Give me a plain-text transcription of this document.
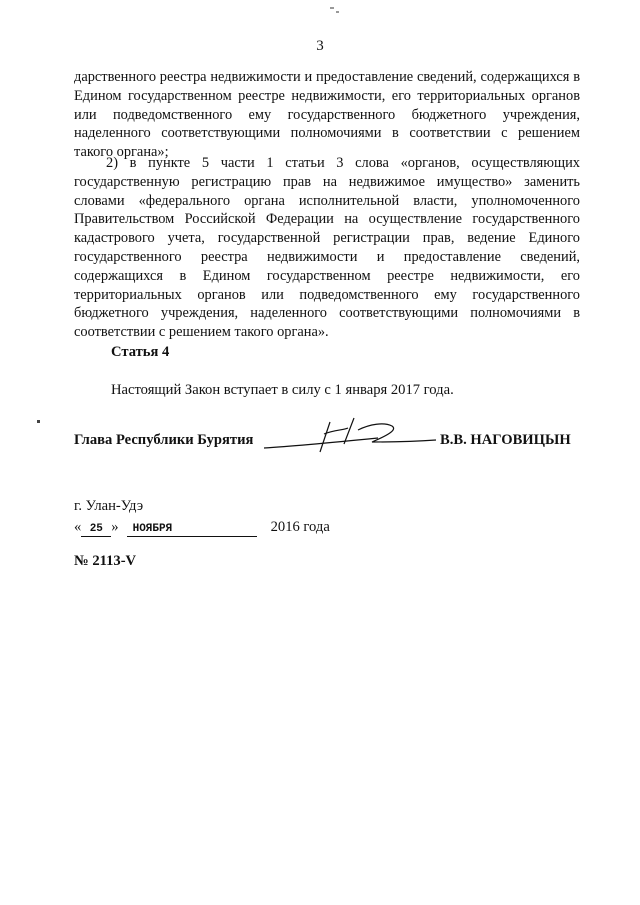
3
дарственного реестра недвижимости и предоставление сведений, содержащихся в Едином государственном реестре недвижимости, его территориальных органов или подведомственного ему государственного бюджетного учреждения, наделенного соответствующими полномочиями в соответствии с решением такого органа»;
2) в пункте 5 части 1 статьи 3 слова «органов, осуществляющих государственную регистрацию прав на недвижимое имущество» заменить словами «федерального органа исполнительной власти, уполномоченного Правительством Российской Федерации на осуществление государственного кадастрового учета, государственной регистрации прав, ведение Единого государственного реестра недвижимости и предоставление сведений, содержащихся в Едином государственном реестре недвижимости, его территориальных органов или подведомственного ему государственного бюджетного учреждения, наделенного соответствующими полномочиями в соответствии с решением такого органа».
Статья 4
Настоящий Закон вступает в силу с 1 января 2017 года.
Глава Республики Бурятия	В.В. НАГОВИЦЫН
г. Улан-Удэ
« 25 » НОЯБРЯ	2016 года
№ 2113-V
